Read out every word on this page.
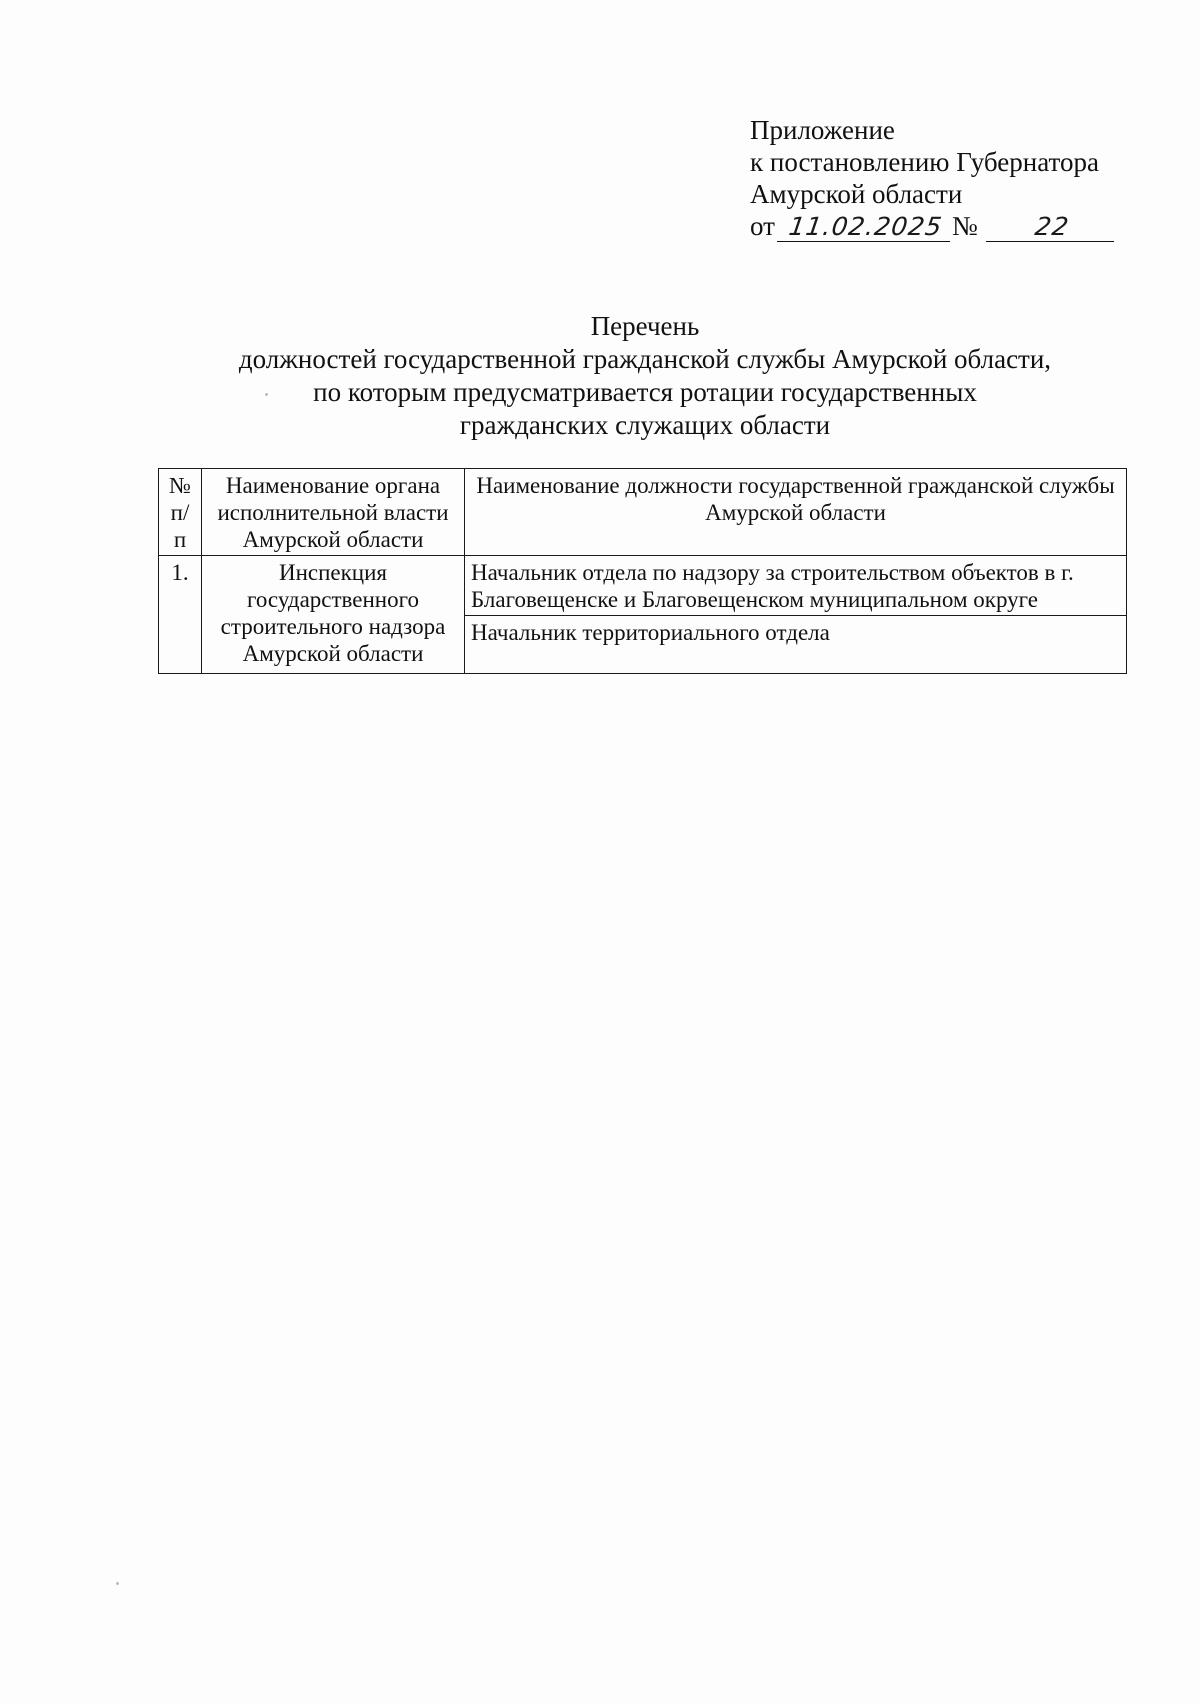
Приложение
к постановлению Губернатора
Амурской области
от 11.02.2025 № 22
Перечень
должностей государственной гражданской службы Амурской области,
по которым предусматривается ротации государственных
гражданских служащих области
№ п/п	Наименование органа исполнительной власти Амурской области	Наименование должности государственной гражданской службы Амурской области
1.	Инспекция государственного строительного надзора Амурской области	Начальник отдела по надзору за строительством объектов в г. Благовещенске и Благовещенском муниципальном округе
		Начальник территориального отдела
